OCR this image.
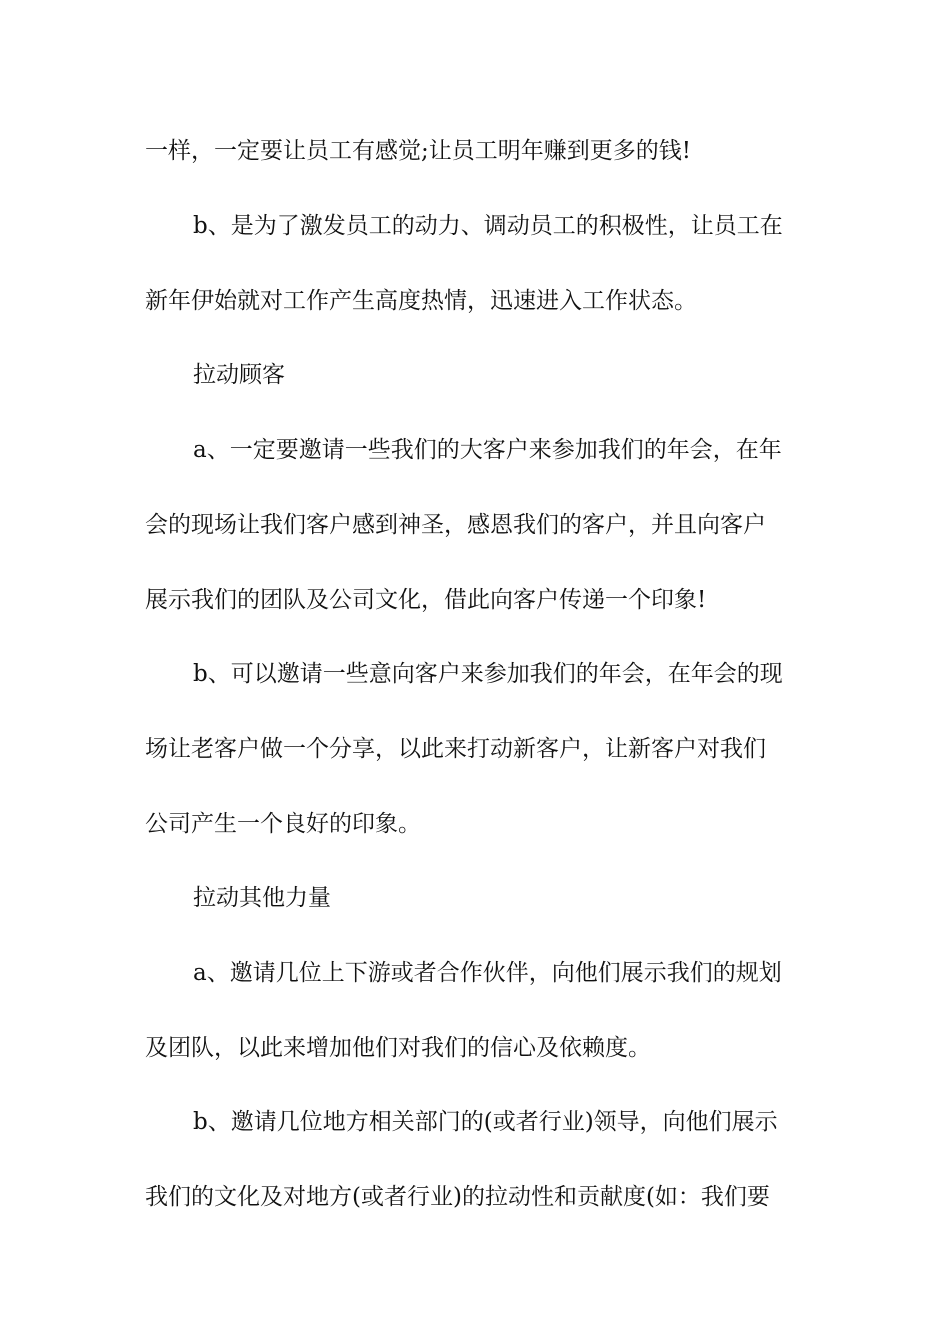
一样，一定要让员工有感觉;让员工明年赚到更多的钱!
b、是为了激发员工的动力、调动员工的积极性，让员工在
新年伊始就对工作产生高度热情，迅速进入工作状态。
拉动顾客
a、一定要邀请一些我们的大客户来参加我们的年会，在年
会的现场让我们客户感到神圣，感恩我们的客户，并且向客户
展示我们的团队及公司文化，借此向客户传递一个印象!
b、可以邀请一些意向客户来参加我们的年会，在年会的现
场让老客户做一个分享，以此来打动新客户，让新客户对我们
公司产生一个良好的印象。
拉动其他力量
a、邀请几位上下游或者合作伙伴，向他们展示我们的规划
及团队，以此来增加他们对我们的信心及依赖度。
b、邀请几位地方相关部门的(或者行业)领导，向他们展示
我们的文化及对地方(或者行业)的拉动性和贡献度(如：我们要
